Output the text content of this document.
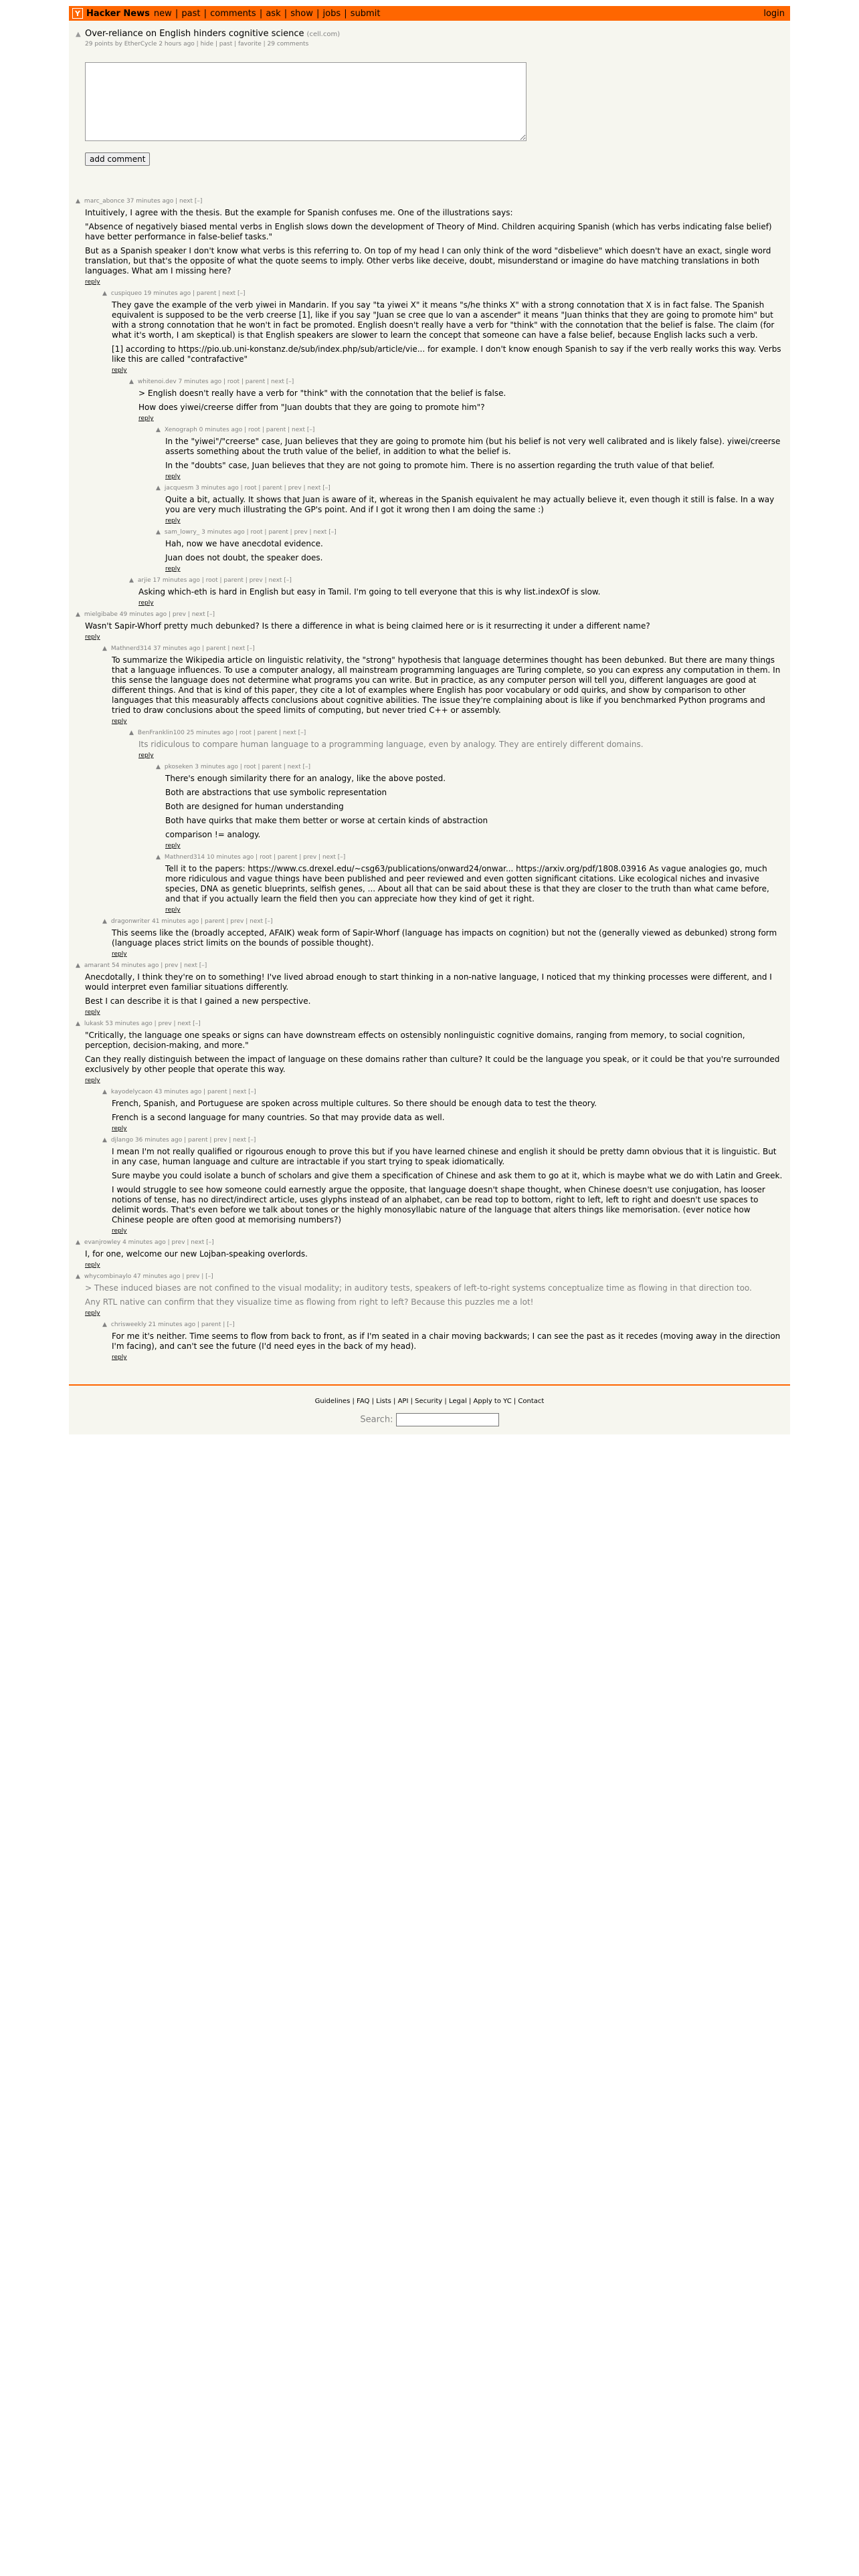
Y Hacker News new | past | comments | ask | show | jobs | submit	login
▲ Over-reliance on English hinders cognitive science (cell.com)
29 points by EtherCycle 2 hours ago | hide | past | favorite | 29 comments
add comment
▲ marc_abonce 37 minutes ago | next [–]

Intuitively, I agree with the thesis. But the example for Spanish confuses me. One of the illustrations says:

"Absence of negatively biased mental verbs in English slows down the development of Theory of Mind. Children acquiring Spanish (which has verbs indicating false belief) have better performance in false-belief tasks."

But as a Spanish speaker I don't know what verbs is this referring to. On top of my head I can only think of the word "disbelieve" which doesn't have an exact, single word translation, but that's the opposite of what the quote seems to imply. Other verbs like deceive, doubt, misunderstand or imagine do have matching translations in both languages. What am I missing here?

reply
▲ cuspiqueo 19 minutes ago | parent | next [–]

They gave the example of the verb yiwei in Mandarin. If you say "ta yiwei X" it means "s/he thinks X" with a strong connotation that X is in fact false. The Spanish equivalent is supposed to be the verb creerse [1], like if you say "Juan se cree que lo van a ascender" it means "Juan thinks that they are going to promote him" but with a strong connotation that he won't in fact be promoted. English doesn't really have a verb for "think" with the connotation that the belief is false. The claim (for what it's worth, I am skeptical) is that English speakers are slower to learn the concept that someone can have a false belief, because English lacks such a verb.

[1] according to https://pio.ub.uni-konstanz.de/sub/index.php/sub/article/vie... for example. I don't know enough Spanish to say if the verb really works this way. Verbs like this are called "contrafactive"

reply
▲ whitenoi.dev 7 minutes ago | root | parent | next [–]

> English doesn't really have a verb for "think" with the connotation that the belief is false.

How does yiwei/creerse differ from "Juan doubts that they are going to promote him"?

reply
▲ Xenograph 0 minutes ago | root | parent | next [–]

In the "yiwei"/"creerse" case, Juan believes that they are going to promote him (but his belief is not very well calibrated and is likely false). yiwei/creerse asserts something about the truth value of the belief, in addition to what the belief is.

In the "doubts" case, Juan believes that they are not going to promote him. There is no assertion regarding the truth value of that belief.

reply
▲ jacquesm 3 minutes ago | root | parent | prev | next [–]

Quite a bit, actually. It shows that Juan is aware of it, whereas in the Spanish equivalent he may actually believe it, even though it still is false. In a way you are very much illustrating the GP's point. And if I got it wrong then I am doing the same :)

reply
▲ sam_lowry_ 3 minutes ago | root | parent | prev | next [–]

Hah, now we have anecdotal evidence.

Juan does not doubt, the speaker does.

reply
▲ arjie 17 minutes ago | root | parent | prev | next [–]

Asking which-eth is hard in English but easy in Tamil. I'm going to tell everyone that this is why list.indexOf is slow.

reply
▲ mielgibabe 49 minutes ago | prev | next [–]

Wasn't Sapir-Whorf pretty much debunked? Is there a difference in what is being claimed here or is it resurrecting it under a different name?

reply
▲ Mathnerd314 37 minutes ago | parent | next [–]

To summarize the Wikipedia article on linguistic relativity, the "strong" hypothesis that language determines thought has been debunked. But there are many things that a language influences. To use a computer analogy, all mainstream programming languages are Turing complete, so you can express any computation in them. In this sense the language does not determine what programs you can write. But in practice, as any computer person will tell you, different languages are good at different things. And that is kind of this paper, they cite a lot of examples where English has poor vocabulary or odd quirks, and show by comparison to other languages that this measurably affects conclusions about cognitive abilities. The issue they're complaining about is like if you benchmarked Python programs and tried to draw conclusions about the speed limits of computing, but never tried C++ or assembly.

reply
▲ BenFranklin100 25 minutes ago | root | parent | next [–]

Its ridiculous to compare human language to a programming language, even by analogy. They are entirely different domains.

reply
▲ pkoseken 3 minutes ago | root | parent | next [–]

There's enough similarity there for an analogy, like the above posted.

Both are abstractions that use symbolic representation

Both are designed for human understanding

Both have quirks that make them better or worse at certain kinds of abstraction

comparison != analogy.

reply
▲ Mathnerd314 10 minutes ago | root | parent | prev | next [–]

Tell it to the papers: https://www.cs.drexel.edu/~csg63/publications/onward24/onwar... https://arxiv.org/pdf/1808.03916 As vague analogies go, much more ridiculous and vague things have been published and peer reviewed and even gotten significant citations. Like ecological niches and invasive species, DNA as genetic blueprints, selfish genes, ... About all that can be said about these is that they are closer to the truth than what came before, and that if you actually learn the field then you can appreciate how they kind of get it right.

reply
▲ dragonwriter 41 minutes ago | parent | prev | next [–]

This seems like the (broadly accepted, AFAIK) weak form of Sapir-Whorf (language has impacts on cognition) but not the (generally viewed as debunked) strong form (language places strict limits on the bounds of possible thought).

reply
▲ amarant 54 minutes ago | prev | next [–]

Anecdotally, I think they're on to something! I've lived abroad enough to start thinking in a non-native language, I noticed that my thinking processes were different, and I would interpret even familiar situations differently.

Best I can describe it is that I gained a new perspective.

reply
▲ lukask 53 minutes ago | prev | next [–]

"Critically, the language one speaks or signs can have downstream effects on ostensibly nonlinguistic cognitive domains, ranging from memory, to social cognition, perception, decision-making, and more."

Can they really distinguish between the impact of language on these domains rather than culture? It could be the language you speak, or it could be that you're surrounded exclusively by other people that operate this way.

reply
▲ kayodelycaon 43 minutes ago | parent | next [–]

French, Spanish, and Portuguese are spoken across multiple cultures. So there should be enough data to test the theory.

French is a second language for many countries. So that may provide data as well.

reply
▲ djlango 36 minutes ago | parent | prev | next [–]

I mean I'm not really qualified or rigourous enough to prove this but if you have learned chinese and english it should be pretty damn obvious that it is linguistic. But in any case, human language and culture are intractable if you start trying to speak idiomatically.

Sure maybe you could isolate a bunch of scholars and give them a specification of Chinese and ask them to go at it, which is maybe what we do with Latin and Greek.

I would struggle to see how someone could earnestly argue the opposite, that language doesn't shape thought, when Chinese doesn't use conjugation, has looser notions of tense, has no direct/indirect article, uses glyphs instead of an alphabet, can be read top to bottom, right to left, left to right and doesn't use spaces to delimit words. That's even before we talk about tones or the highly monosyllabic nature of the language that alters things like memorisation. (ever notice how Chinese people are often good at memorising numbers?)

reply
▲ evanjrowley 4 minutes ago | prev | next [–]

I, for one, welcome our new Lojban-speaking overlords.

reply
▲ whycombinaylo 47 minutes ago | prev | [–]

> These induced biases are not confined to the visual modality; in auditory tests, speakers of left-to-right systems conceptualize time as flowing in that direction too.

Any RTL native can confirm that they visualize time as flowing from right to left? Because this puzzles me a lot!

reply
▲ chrisweekly 21 minutes ago | parent | [–]

For me it's neither. Time seems to flow from back to front, as if I'm seated in a chair moving backwards; I can see the past as it recedes (moving away in the direction I'm facing), and can't see the future (I'd need eyes in the back of my head).

reply
Guidelines | FAQ | Lists | API | Security | Legal | Apply to YC | Contact
Search:
